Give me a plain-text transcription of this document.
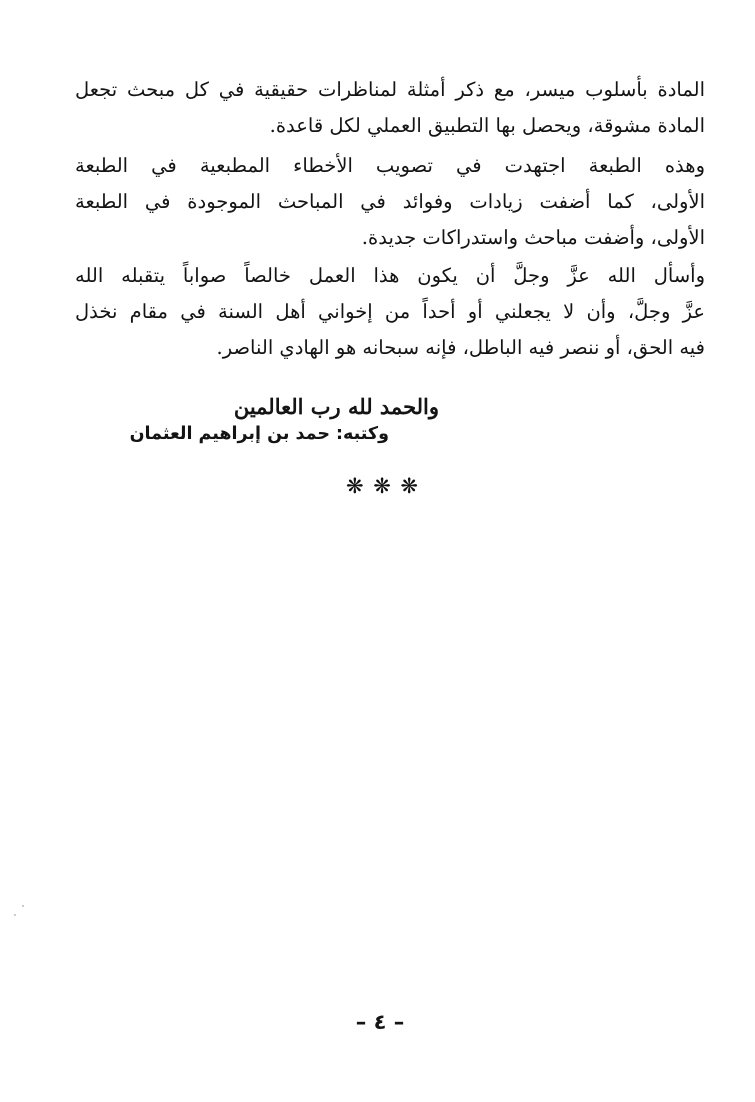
المادة بأسلوب ميسر، مع ذكر أمثلة لمناظرات حقيقية في كل مبحث تجعل
المادة مشوقة، ويحصل بها التطبيق العملي لكل قاعدة.
وهذه الطبعة اجتهدت في تصويب الأخطاء المطبعية في الطبعة
الأولى، كما أضفت زيادات وفوائد في المباحث الموجودة في الطبعة
الأولى، وأضفت مباحث واستدراكات جديدة.
وأسأل الله عزَّ وجلَّ أن يكون هذا العمل خالصاً صواباً يتقبله الله
عزَّ وجلَّ، وأن لا يجعلني أو أحداً من إخواني أهل السنة في مقام نخذل
فيه الحق، أو ننصر فيه الباطل، فإنه سبحانه هو الهادي الناصر.

والحمد لله رب العالمين

وكتبه: حمد بن إبراهيم العثمان

❋ ❋ ❋
– ٤ –
